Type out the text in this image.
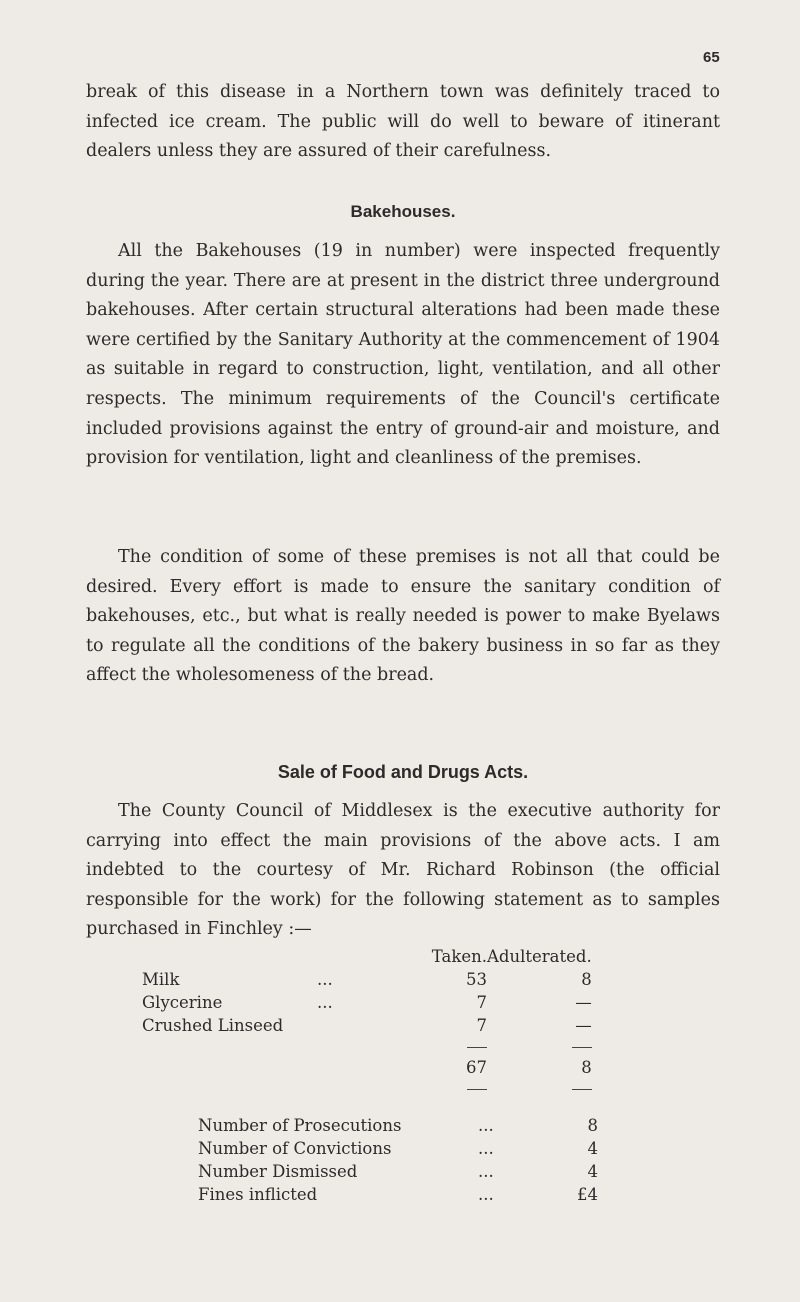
65

break of this disease in a Northern town was definitely traced to infected ice cream. The public will do well to beware of itinerant dealers unless they are assured of their carefulness.

Bakehouses.

All the Bakehouses (19 in number) were inspected frequently during the year. There are at present in the district three underground bakehouses. After certain structural alterations had been made these were certified by the Sanitary Authority at the commencement of 1904 as suitable in regard to construction, light, ventilation, and all other respects. The minimum requirements of the Council's certificate included provisions against the entry of ground-air and moisture, and provision for ventilation, light and cleanliness of the premises.

The condition of some of these premises is not all that could be desired. Every effort is made to ensure the sanitary condition of bakehouses, etc., but what is really needed is power to make Byelaws to regulate all the conditions of the bakery business in so far as they affect the wholesomeness of the bread.

Sale of Food and Drugs Acts.

The County Council of Middlesex is the executive authority for carrying into effect the main provisions of the above acts. I am indebted to the courtesy of Mr. Richard Robinson (the official responsible for the work) for the following statement as to samples purchased in Finchley :—

		Taken.	Adulterated.
Milk	...	53	8
Glycerine	...	7	—
Crushed Linseed		7	—

		67	8

Number of Prosecutions	...	8
Number of Convictions	...	4
Number Dismissed	...	4
Fines inflicted	...	£4
